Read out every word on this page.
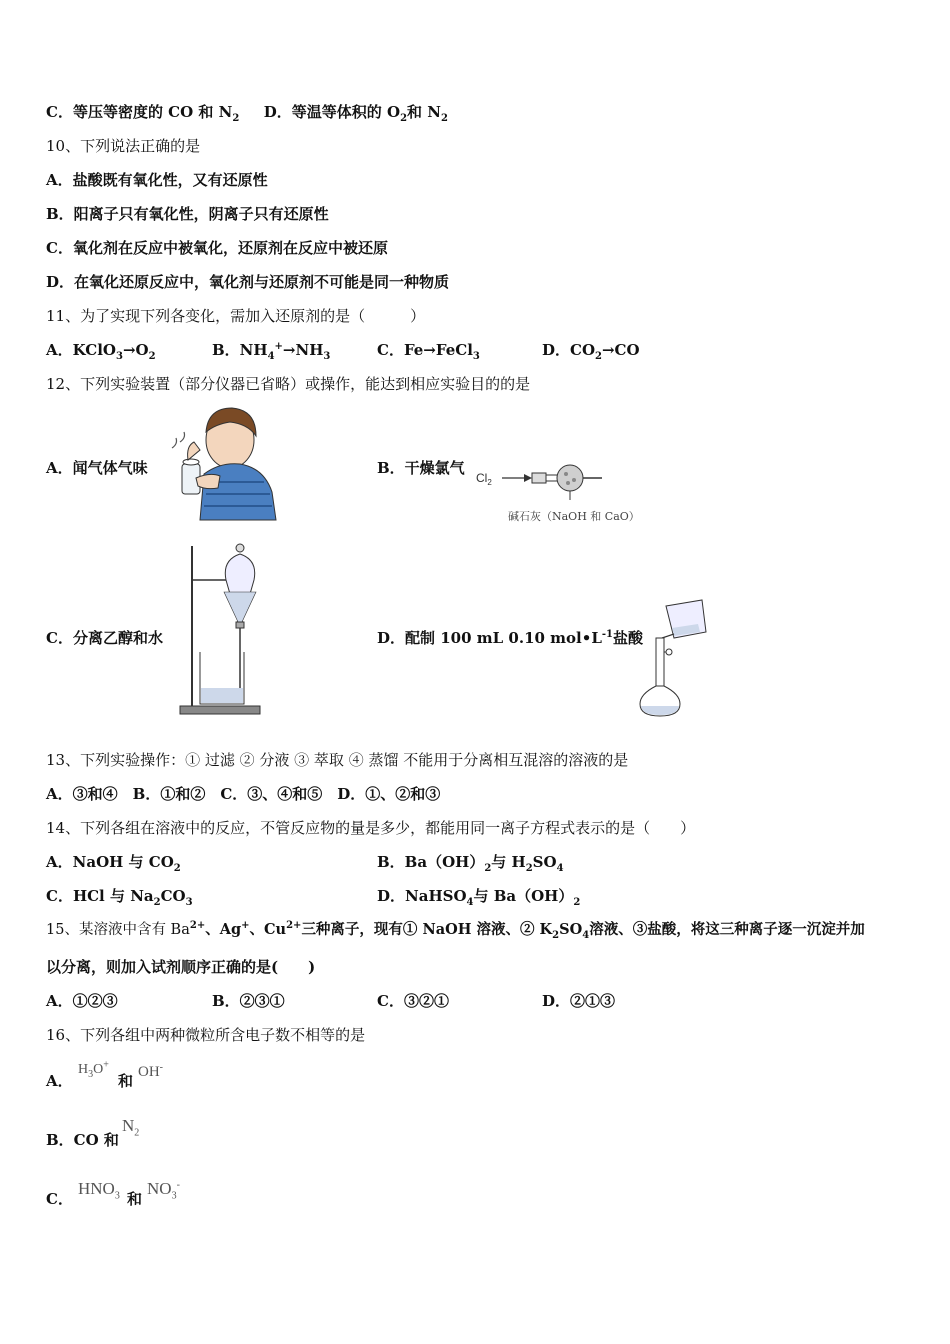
C．等压等密度的 CO 和 $N_2$ D．等温等体积的 $O_2$和 $N_2$
10、下列说法正确的是
A．盐酸既有氧化性，又有还原性
B．阳离子只有氧化性，阴离子只有还原性
C．氧化剂在反应中被氧化，还原剂在反应中被还原
D．在氧化还原反应中，氧化剂与还原剂不可能是同一种物质
11、为了实现下列各变化，需加入还原剂的是（　　　）
A．$KClO_3\to O_2$	B．$NH_4^+\to NH_3$	C．Fe→FeCl$_3$	D．$CO_2\to CO$
12、下列实验装置（部分仪器已省略）或操作，能达到相应实验目的的是
A．闻气体气味	B．干燥氯气
C．分离乙醇和水	D．配制 100 mL 0.10 $mol•L^{-1}$盐酸
$Cl_2$
碱石灰（NaOH 和 CaO）
13、下列实验操作：① 过滤 ② 分液 ③ 萃取 ④ 蒸馏 不能用于分离相互混溶的溶液的是
A．③和④　B．①和②　C．③、④和⑤　D．①、②和③
14、下列各组在溶液中的反应，不管反应物的量是多少，都能用同一离子方程式表示的是（　　）
A．NaOH 与 $CO_2$	B．$Ba(OH)_2$与 $H_2SO_4$
C．HCl 与 $Na_2CO_3$	D．NaHSO$_4$与 $Ba(OH)_2$
15、某溶液中含有 $Ba^{2+}$、Ag+、$Cu^{2+}$三种离子，现有① NaOH 溶液、② $K_2SO_4$溶液、③盐酸，将这三种离子逐一沉淀并加
以分离，则加入试剂顺序正确的是(　　)
A．①②③	B．②③①	C．③②①	D．②①③
16、下列各组中两种微粒所含电子数不相等的是
A．
$H_3O^+$
和 OH-
B．CO 和
$N_2$
C．
$HNO_3$ 和
$NO_3^-$
